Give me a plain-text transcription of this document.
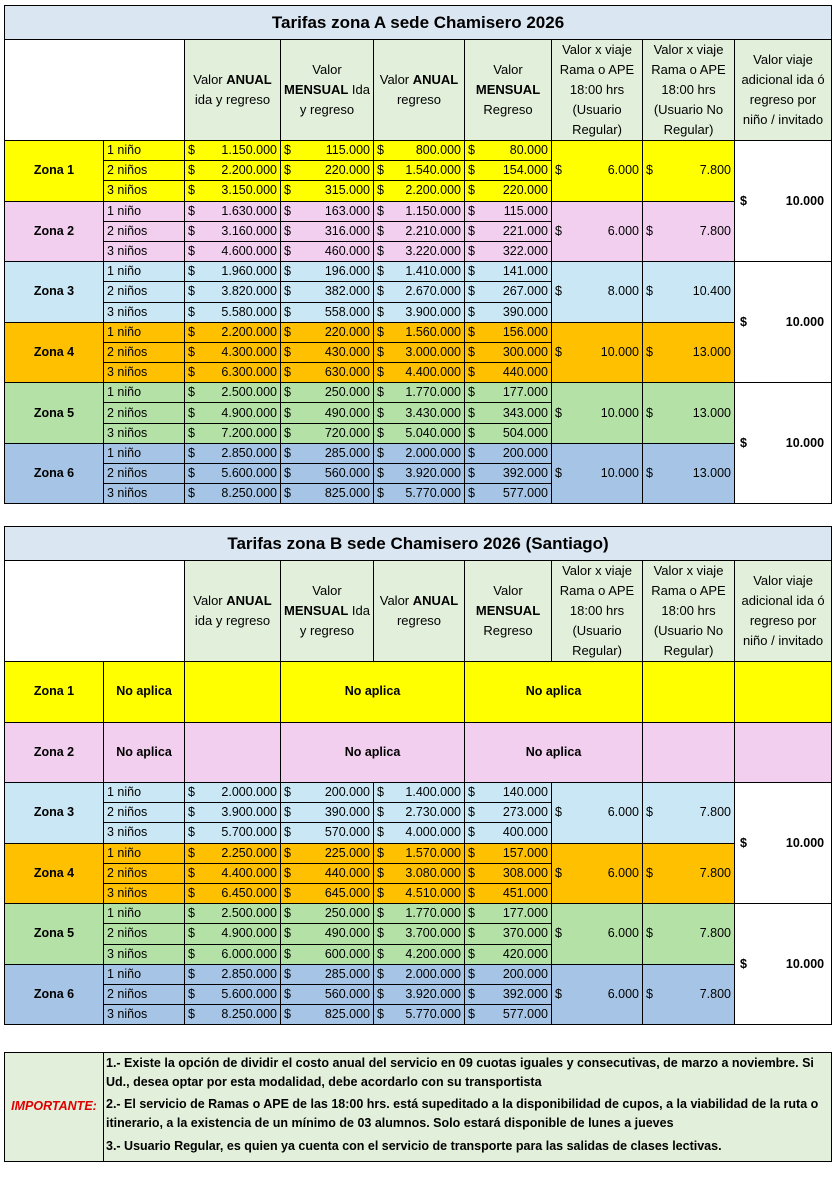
Tarifas zona A sede Chamisero 2026								
		Valor ANUAL ida y regreso	Valor MENSUAL Ida y regreso	Valor ANUAL regreso	Valor MENSUAL Regreso	Valor x viaje Rama o APE 18:00 hrs (Usuario Regular)	Valor x viaje Rama o APE 18:00 hrs (Usuario No Regular)	Valor viaje adicional ida ó regreso por niño / invitado
Zona 1	1 niño	$ 1.150.000	$ 115.000	$ 800.000	$ 80.000	$ 6.000	$ 7.800	$ 10.000

	2 niños	$ 2.200.000	$ 220.000	$ 1.540.000	$ 154.000			

	3 niños	$ 3.150.000	$ 315.000	$ 2.200.000	$ 220.000			

Zona 2	1 niño	$ 1.630.000	$ 163.000	$ 1.150.000	$ 115.000	$ 6.000	$ 7.800	

	2 niños	$ 3.160.000	$ 316.000	$ 2.210.000	$ 221.000			

	3 niños	$ 4.600.000	$ 460.000	$ 3.220.000	$ 322.000			

Zona 3	1 niño	$ 1.960.000	$ 196.000	$ 1.410.000	$ 141.000	$ 8.000	$ 10.400	$ 10.000

	2 niños	$ 3.820.000	$ 382.000	$ 2.670.000	$ 267.000			

	3 niños	$ 5.580.000	$ 558.000	$ 3.900.000	$ 390.000			

Zona 4	1 niño	$ 2.200.000	$ 220.000	$ 1.560.000	$ 156.000	$ 10.000	$ 13.000	

	2 niños	$ 4.300.000	$ 430.000	$ 3.000.000	$ 300.000			

	3 niños	$ 6.300.000	$ 630.000	$ 4.400.000	$ 440.000			

Zona 5	1 niño	$ 2.500.000	$ 250.000	$ 1.770.000	$ 177.000	$ 10.000	$ 13.000	$ 10.000

	2 niños	$ 4.900.000	$ 490.000	$ 3.430.000	$ 343.000			

	3 niños	$ 7.200.000	$ 720.000	$ 5.040.000	$ 504.000			

Zona 6	1 niño	$ 2.850.000	$ 285.000	$ 2.000.000	$ 200.000	$ 10.000	$ 13.000	

	2 niños	$ 5.600.000	$ 560.000	$ 3.920.000	$ 392.000			

	3 niños	$ 8.250.000	$ 825.000	$ 5.770.000	$ 577.000			
Tarifas zona B sede Chamisero 2026 (Santiago)									
		Valor ANUAL ida y regreso	Valor MENSUAL Ida y regreso	Valor ANUAL regreso	Valor MENSUAL Regreso	Valor x viaje Rama o APE 18:00 hrs (Usuario Regular)	Valor x viaje Rama o APE 18:00 hrs (Usuario No Regular)	Valor viaje adicional ida ó regreso por niño / invitado	
Zona 1	No aplica		No aplica		No aplica			
Zona 2	No aplica		No aplica		No aplica				
Zona 3	1 niño	$ 2.000.000	$ 200.000	$ 1.400.000	$ 140.000	$ 6.000	$ 7.800	$ 10.000	

	2 niños	$ 3.900.000	$ 390.000	$ 2.730.000	$ 273.000				

	3 niños	$ 5.700.000	$ 570.000	$ 4.000.000	$ 400.000				

Zona 4	1 niño	$ 2.250.000	$ 225.000	$ 1.570.000	$ 157.000	$ 6.000	$ 7.800		

	2 niños	$ 4.400.000	$ 440.000	$ 3.080.000	$ 308.000				

	3 niños	$ 6.450.000	$ 645.000	$ 4.510.000	$ 451.000				

Zona 5	1 niño	$ 2.500.000	$ 250.000	$ 1.770.000	$ 177.000	$ 6.000	$ 7.800	$ 10.000	

	2 niños	$ 4.900.000	$ 490.000	$ 3.700.000	$ 370.000				

	3 niños	$ 6.000.000	$ 600.000	$ 4.200.000	$ 420.000				

Zona 6	1 niño	$ 2.850.000	$ 285.000	$ 2.000.000	$ 200.000	$ 6.000	$ 7.800		

	2 niños	$ 5.600.000	$ 560.000	$ 3.920.000	$ 392.000				

	3 niños	$ 8.250.000	$ 825.000	$ 5.770.000	$ 577.000				
IMPORTANTE:	

1.- Existe la opción de dividir el costo anual del servicio en 09 cuotas iguales y consecutivas, de marzo a noviembre. Si Ud., desea optar por esta modalidad, debe acordarlo con su transportista

2.- El servicio de Ramas o APE de las 18:00 hrs. está supeditado a la disponibilidad de cupos, a la viabilidad de la ruta o itinerario, a la existencia de un mínimo de 03 alumnos. Solo estará disponible de lunes a jueves

3.- Usuario Regular, es quien ya cuenta con el servicio de transporte para las salidas de clases lectivas.
